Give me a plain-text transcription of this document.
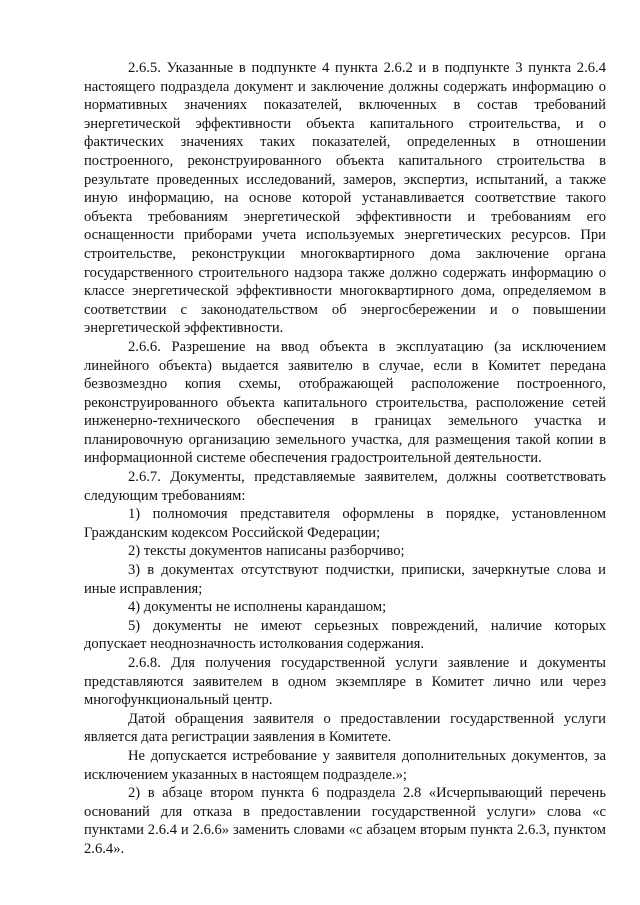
2.6.5. Указанные в подпункте 4 пункта 2.6.2 и в подпункте 3 пункта 2.6.4 настоящего подраздела документ и заключение должны содержать информацию о нормативных значениях показателей, включенных в состав требований энергетической эффективности объекта капитального строительства, и о фактических значениях таких показателей, определенных в отношении построенного, реконструированного объекта капитального строительства в результате проведенных исследований, замеров, экспертиз, испытаний, а также иную информацию, на основе которой устанавливается соответствие такого объекта требованиям энергетической эффективности и требованиям его оснащенности приборами учета используемых энергетических ресурсов. При строительстве, реконструкции многоквартирного дома заключение органа государственного строительного надзора также должно содержать информацию о классе энергетической эффективности многоквартирного дома, определяемом в соответствии с законодательством об энергосбережении и о повышении энергетической эффективности.

2.6.6. Разрешение на ввод объекта в эксплуатацию (за исключением линейного объекта) выдается заявителю в случае, если в Комитет передана безвозмездно копия схемы, отображающей расположение построенного, реконструированного объекта капитального строительства, расположение сетей инженерно-технического обеспечения в границах земельного участка и планировочную организацию земельного участка, для размещения такой копии в информационной системе обеспечения градостроительной деятельности.

2.6.7. Документы, представляемые заявителем, должны соответствовать следующим требованиям:

1) полномочия представителя оформлены в порядке, установленном Гражданским кодексом Российской Федерации;

2) тексты документов написаны разборчиво;

3) в документах отсутствуют подчистки, приписки, зачеркнутые слова и иные исправления;

4) документы не исполнены карандашом;

5) документы не имеют серьезных повреждений, наличие которых допускает неоднозначность истолкования содержания.

2.6.8. Для получения государственной услуги заявление и документы представляются заявителем в одном экземпляре в Комитет лично или через многофункциональный центр.

Датой обращения заявителя о предоставлении государственной услуги является дата регистрации заявления в Комитете.

Не допускается истребование у заявителя дополнительных документов, за исключением указанных в настоящем подразделе.»;

2) в абзаце втором пункта 6 подраздела 2.8 «Исчерпывающий перечень оснований для отказа в предоставлении государственной услуги» слова «с пунктами 2.6.4 и 2.6.6» заменить словами «с абзацем вторым пункта 2.6.3, пунктом 2.6.4».
